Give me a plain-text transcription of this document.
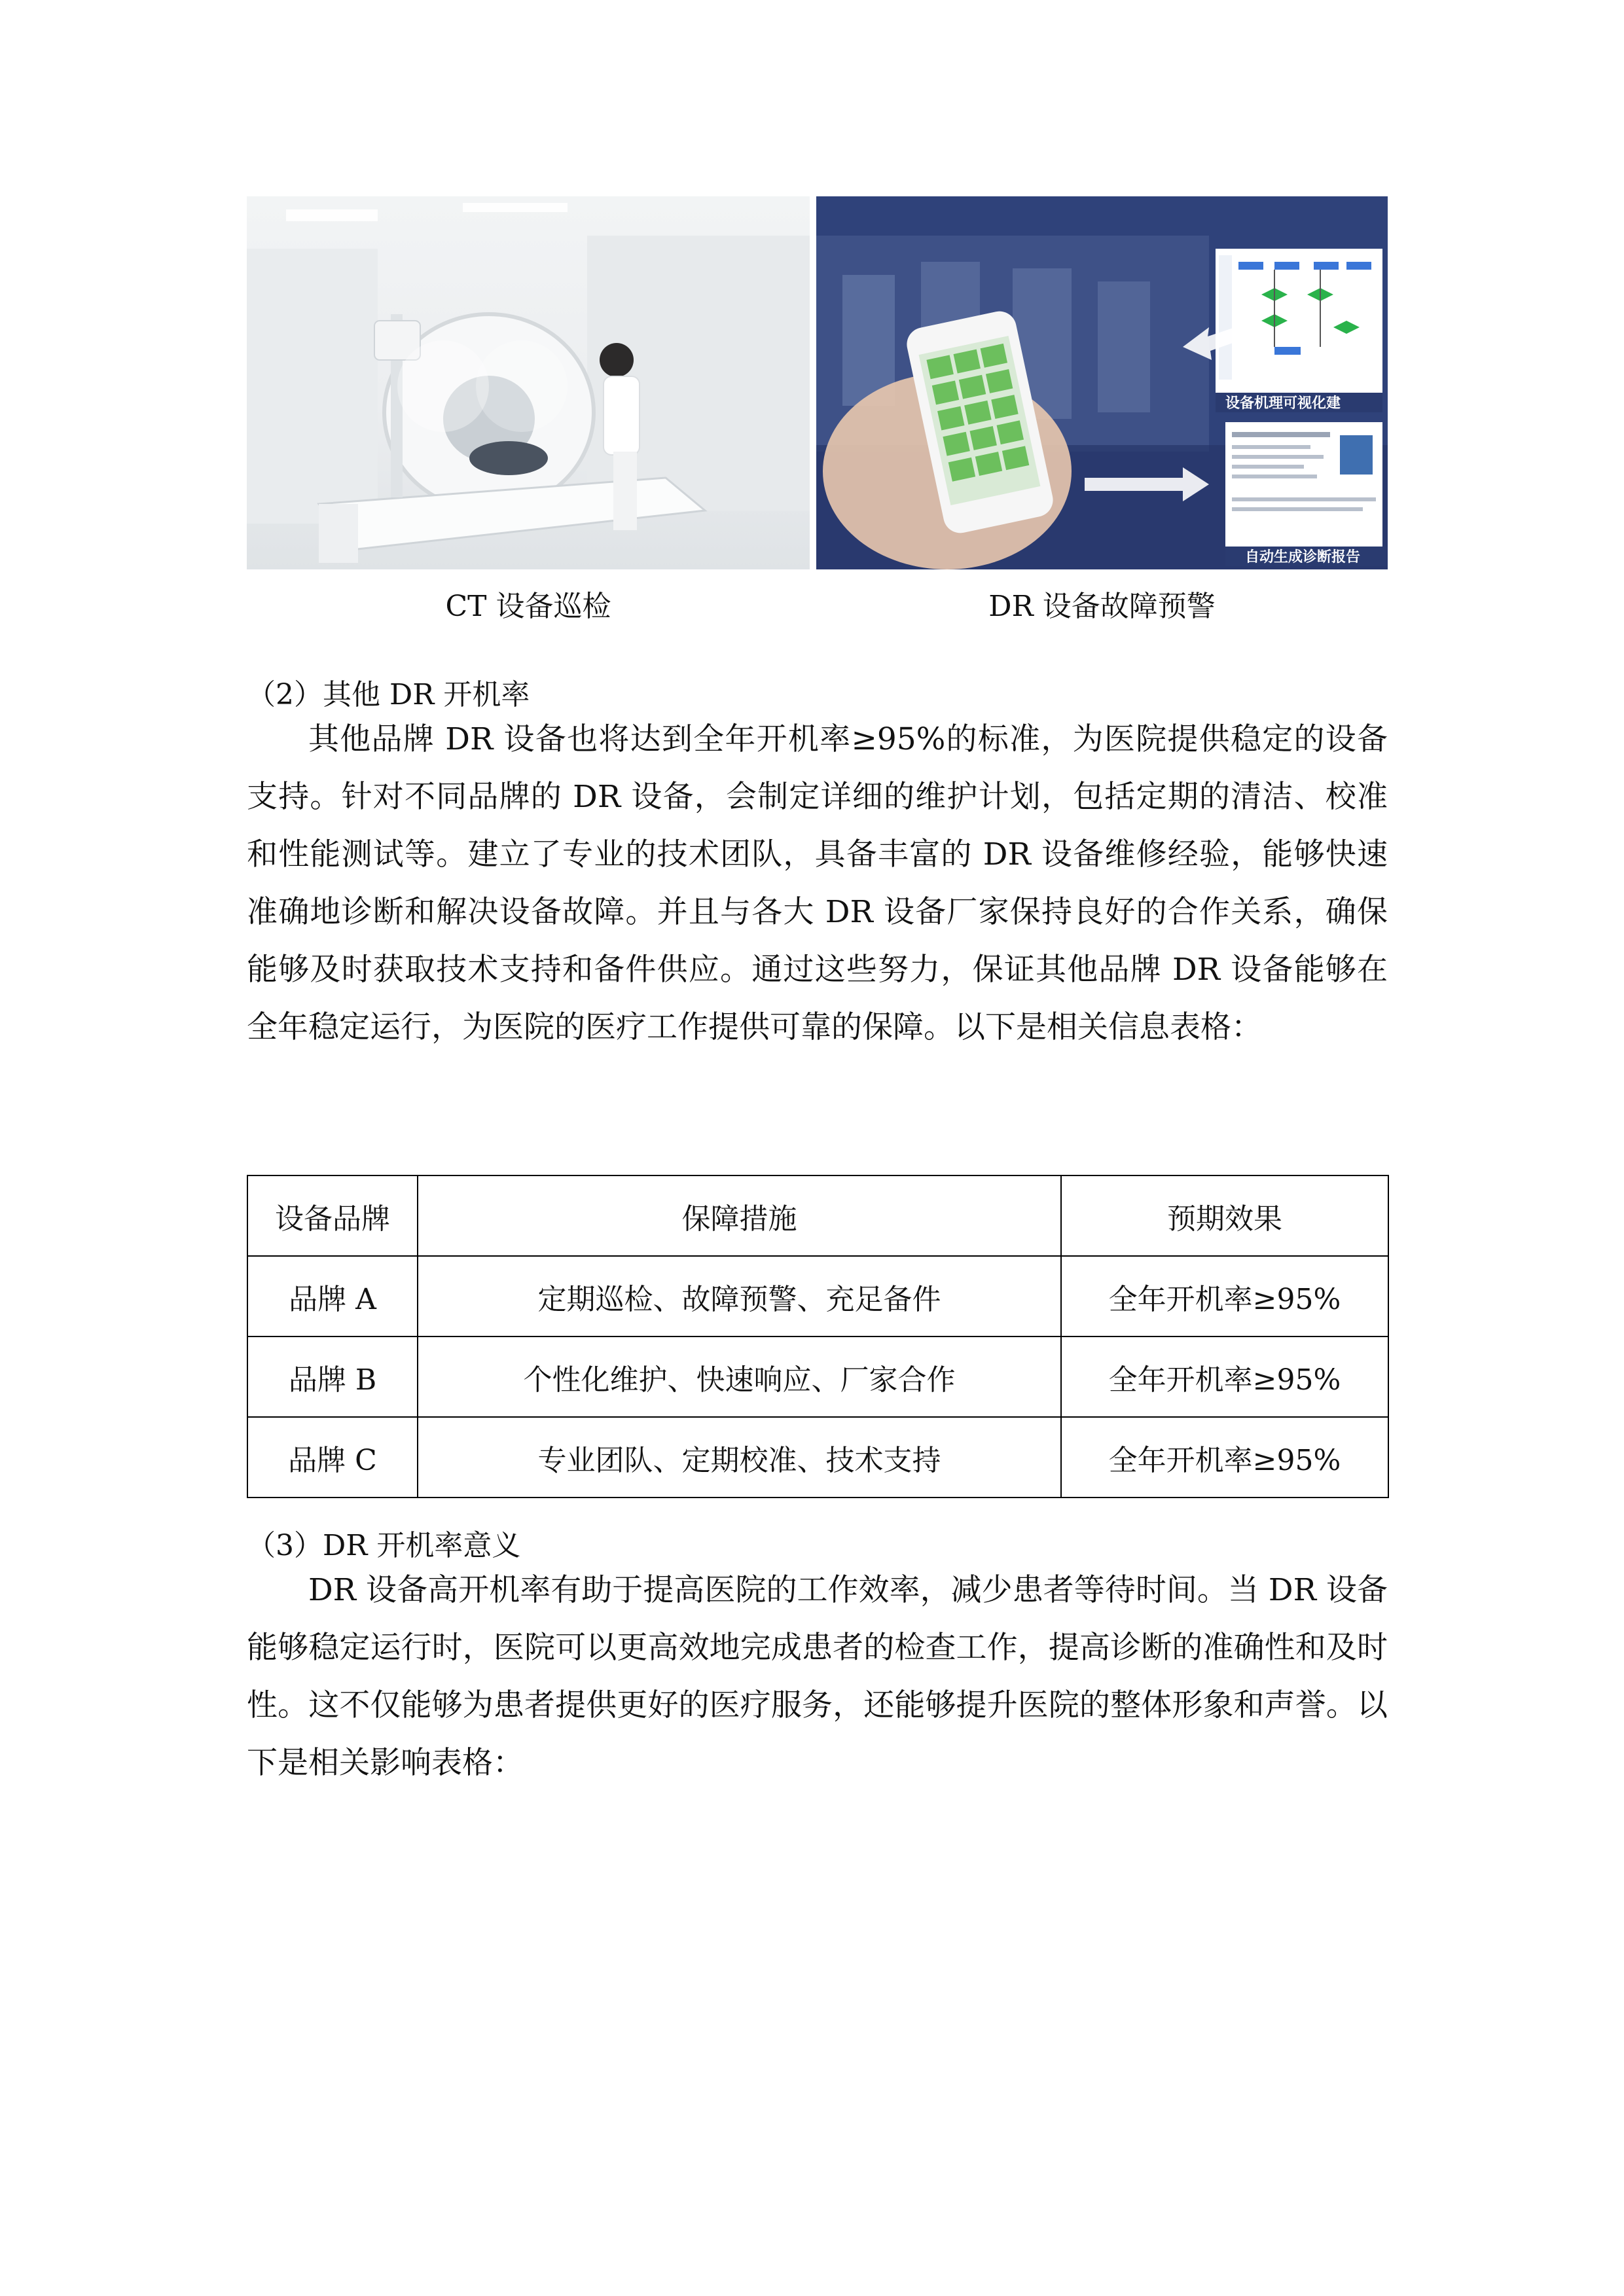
设备机理可视化建
自动生成诊断报告
CT 设备巡检	DR 设备故障预警
（2）其他 DR 开机率

其他品牌 DR 设备也将达到全年开机率≥95%的标准，为医院提供稳定的设备支持。针对不同品牌的 DR 设备，会制定详细的维护计划，包括定期的清洁、校准和性能测试等。建立了专业的技术团队，具备丰富的 DR 设备维修经验，能够快速准确地诊断和解决设备故障。并且与各大 DR 设备厂家保持良好的合作关系，确保能够及时获取技术支持和备件供应。通过这些努力，保证其他品牌 DR 设备能够在全年稳定运行，为医院的医疗工作提供可靠的保障。以下是相关信息表格：

设备品牌	保障措施	预期效果
品牌 A	定期巡检、故障预警、充足备件	全年开机率≥95%
品牌 B	个性化维护、快速响应、厂家合作	全年开机率≥95%
品牌 C	专业团队、定期校准、技术支持	全年开机率≥95%
（3）DR 开机率意义

DR 设备高开机率有助于提高医院的工作效率，减少患者等待时间。当 DR 设备能够稳定运行时，医院可以更高效地完成患者的检查工作，提高诊断的准确性和及时性。这不仅能够为患者提供更好的医疗服务，还能够提升医院的整体形象和声誉。以下是相关影响表格：
